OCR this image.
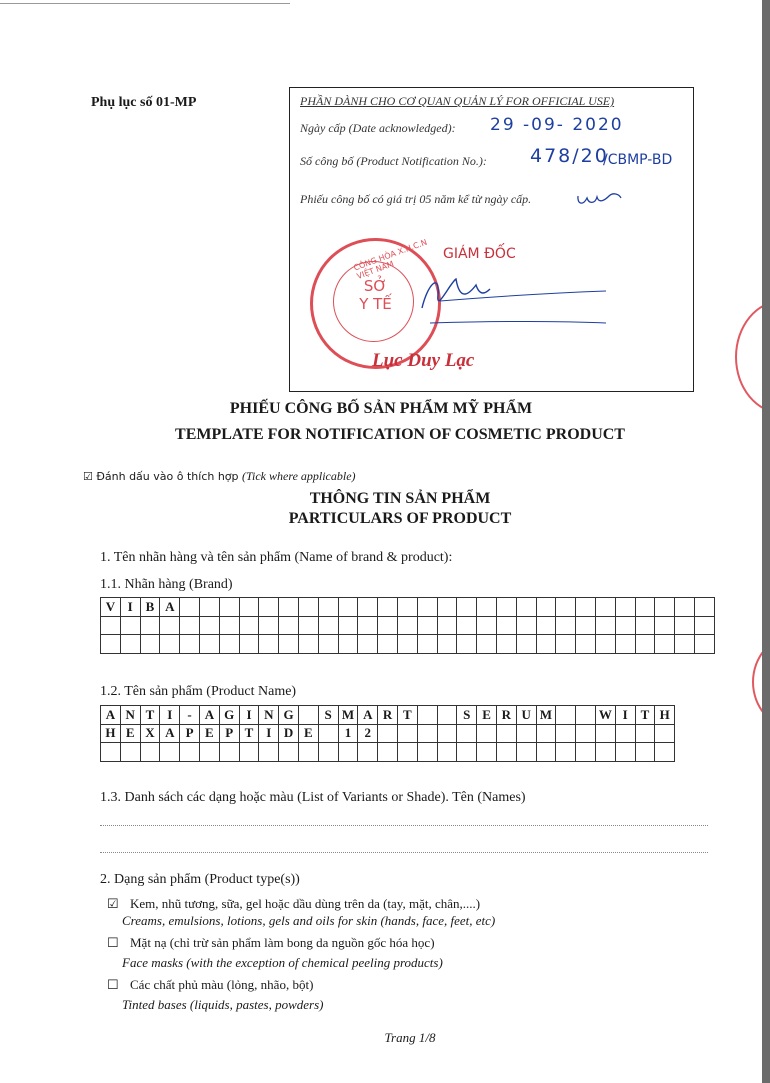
Phụ lục số 01-MP	PHẦN DÀNH CHO CƠ QUAN QUẢN LÝ FOR OFFICIAL USE)
Ngày cấp (Date acknowledged): 29 -09- 2020
Số công bố (Product Notification No.): 478/20
/CBMP-BD
Phiếu công bố có giá trị 05 năm kể từ ngày cấp.
CÔNG HÒA X.H.C.N VIỆT NAM
SỞ
Y TẾ
GIÁM ĐỐC
Lục Duy Lạc
PHIẾU CÔNG BỐ SẢN PHẨM MỸ PHẨM
TEMPLATE FOR NOTIFICATION OF COSMETIC PRODUCT
☑ Đánh dấu vào ô thích hợp (Tick where applicable)
THÔNG TIN SẢN PHẨM
PARTICULARS OF PRODUCT
1. Tên nhãn hàng và tên sản phẩm (Name of brand & product):
1.1. Nhãn hàng (Brand)
V	I	B	A																											

1.2. Tên sản phẩm (Product Name)
A	N	T	I	-	A	G	I	N	G		S	M	A	R	T			S	E	R	U	M			W	I	T	H
H	E	X	A	P	E	P	T	I	D	E		1	2															

1.3. Danh sách các dạng hoặc màu (List of Variants or Shade). Tên (Names)
2. Dạng sản phẩm (Product type(s))
☑ Kem, nhũ tương, sữa, gel hoặc dầu dùng trên da (tay, mặt, chân,....)
Creams, emulsions, lotions, gels and oils for skin (hands, face, feet, etc)
☐ Mặt nạ (chỉ trừ sản phẩm làm bong da nguồn gốc hóa học)
Face masks (with the exception of chemical peeling products)
☐ Các chất phủ màu (lỏng, nhão, bột)
Tinted bases (liquids, pastes, powders)
Trang 1/8
